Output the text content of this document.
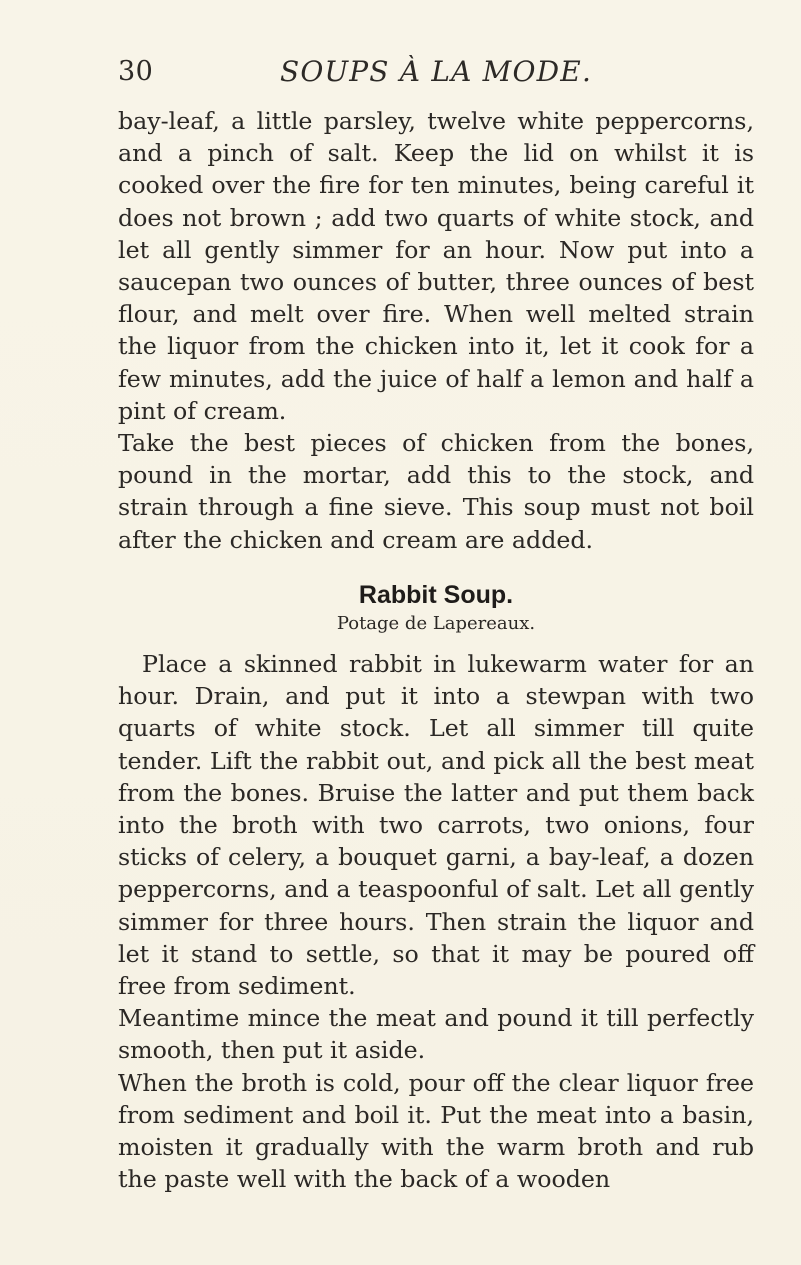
30	SOUPS À LA MODE.

bay-leaf, a little parsley, twelve white peppercorns, and a pinch of salt. Keep the lid on whilst it is cooked over the fire for ten minutes, being careful it does not brown ; add two quarts of white stock, and let all gently simmer for an hour. Now put into a saucepan two ounces of butter, three ounces of best flour, and melt over fire. When well melted strain the liquor from the chicken into it, let it cook for a few minutes, add the juice of half a lemon and half a pint of cream.

Take the best pieces of chicken from the bones, pound in the mortar, add this to the stock, and strain through a fine sieve. This soup must not boil after the chicken and cream are added.

Rabbit Soup.
Potage de Lapereaux.

Place a skinned rabbit in lukewarm water for an hour. Drain, and put it into a stewpan with two quarts of white stock. Let all simmer till quite tender. Lift the rabbit out, and pick all the best meat from the bones. Bruise the latter and put them back into the broth with two carrots, two onions, four sticks of celery, a bouquet garni, a bay-leaf, a dozen peppercorns, and a teaspoonful of salt. Let all gently simmer for three hours. Then strain the liquor and let it stand to settle, so that it may be poured off free from sediment.

Meantime mince the meat and pound it till perfectly smooth, then put it aside.

When the broth is cold, pour off the clear liquor free from sediment and boil it. Put the meat into a basin, moisten it gradually with the warm broth and rub the paste well with the back of a wooden
